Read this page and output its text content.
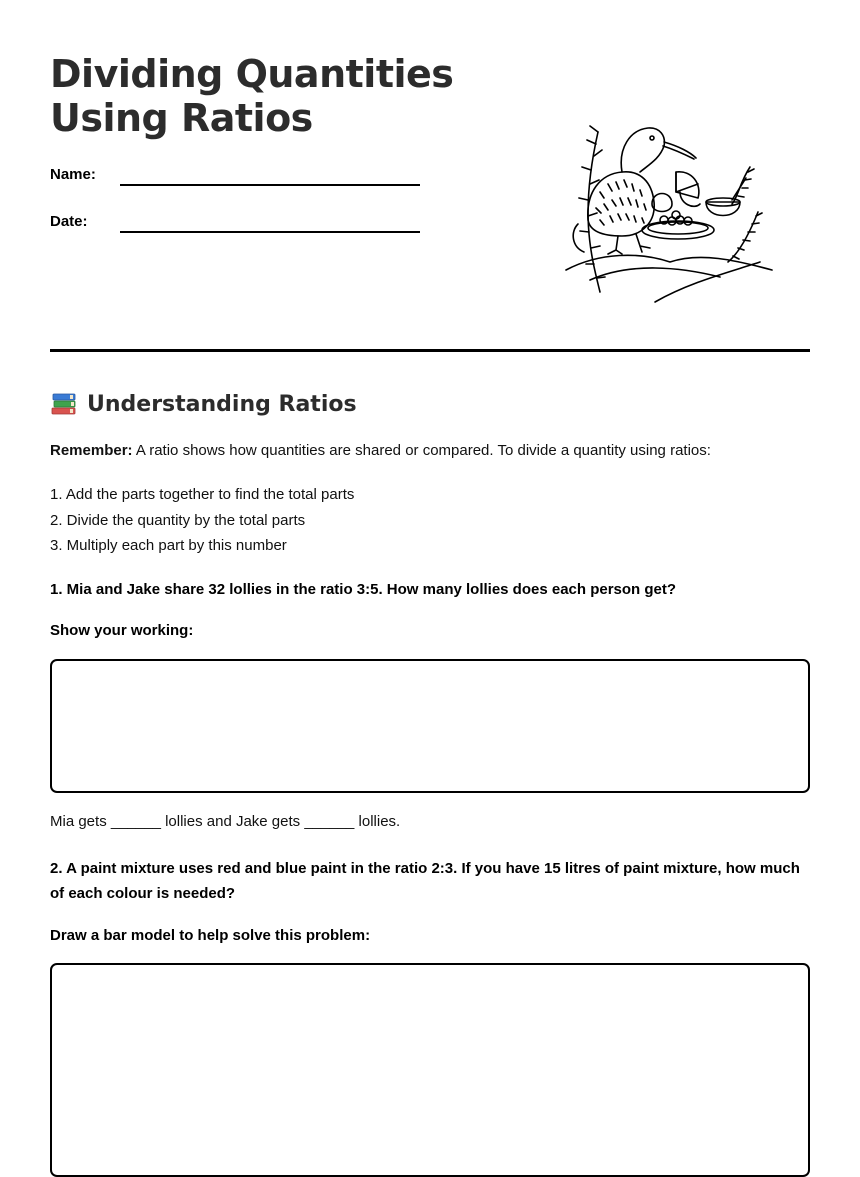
Dividing Quantities
Using Ratios
Name:
Date:
Understanding Ratios

Remember: A ratio shows how quantities are shared or compared. To divide a quantity using ratios:

1. Add the parts together to find the total parts
2. Divide the quantity by the total parts
3. Multiply each part by this number

1. Mia and Jake share 32 lollies in the ratio 3:5. How many lollies does each person get?

Show your working:

Mia gets ______ lollies and Jake gets ______ lollies.

2. A paint mixture uses red and blue paint in the ratio 2:3. If you have 15 litres of paint mixture, how much of each colour is needed?

Draw a bar model to help solve this problem:
